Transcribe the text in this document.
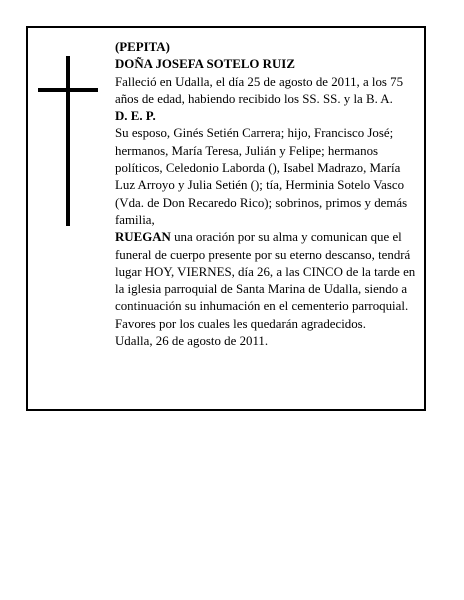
(PEPITA)

DOÑA JOSEFA SOTELO RUIZ

Falleció en Udalla, el día 25 de agosto de 2011, a los 75 años de edad, habiendo recibido los SS. SS. y la B. A.

D. E. P.

Su esposo, Ginés Setién Carrera; hijo, Francisco José; hermanos, María Teresa, Julián y Felipe; hermanos políticos, Celedonio Laborda (), Isabel Madrazo, María Luz Arroyo y Julia Setién (); tía, Herminia Sotelo Vasco (Vda. de Don Recaredo Rico); sobrinos, primos y demás familia,

RUEGAN una oración por su alma y comunican que el funeral de cuerpo presente por su eterno descanso, tendrá lugar HOY, VIERNES, día 26, a las CINCO de la tarde en la iglesia parroquial de Santa Marina de Udalla, siendo a continuación su inhumación en el cementerio parroquial. Favores por los cuales les quedarán agradecidos.

Udalla, 26 de agosto de 2011.
